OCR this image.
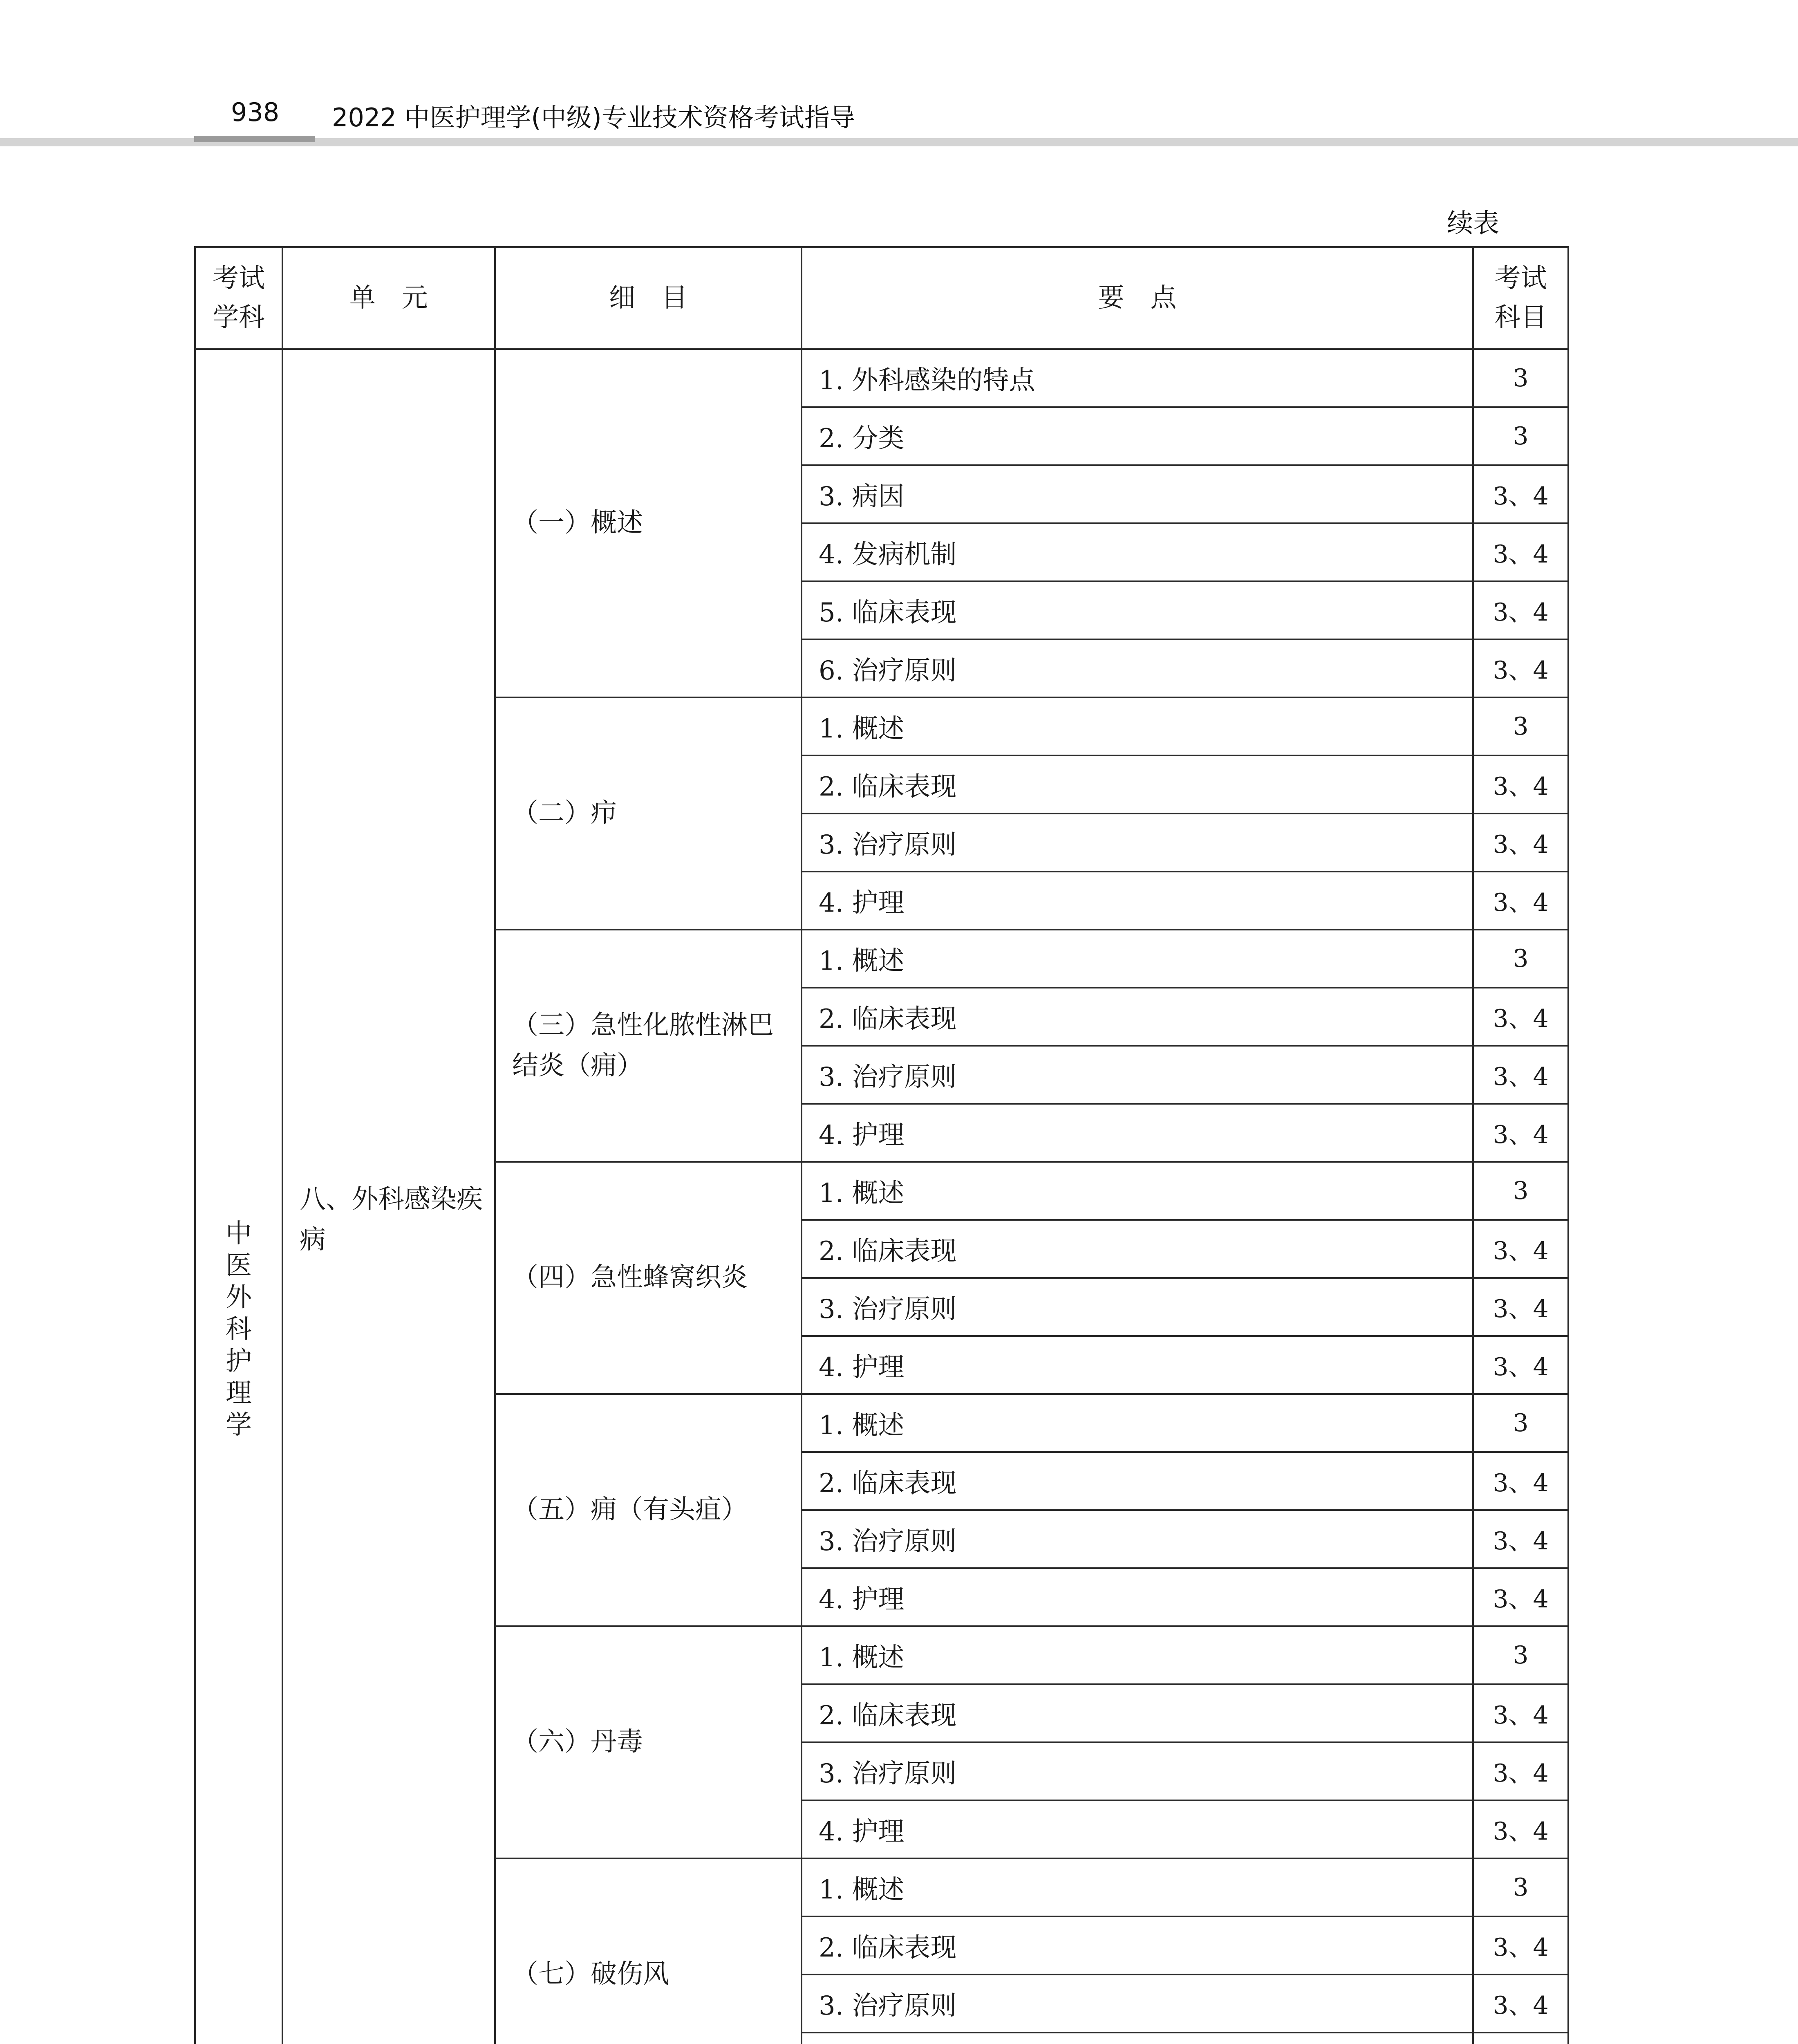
938 2022 中医护理学(中级)专业技术资格考试指导
续表
考试学科	单　元	细　目	要　点	考试科目
中医外科护理学	八、外科感染疾病	（一）概述	1. 外科感染的特点	3
			2. 分类	3
			3. 病因	3、4
			4. 发病机制	3、4
			5. 临床表现	3、4
			6. 治疗原则	3、4
		（二）疖	1. 概述	3
			2. 临床表现	3、4
			3. 治疗原则	3、4
			4. 护理	3、4
		（三）急性化脓性淋巴结炎（痈）	1. 概述	3
			2. 临床表现	3、4
			3. 治疗原则	3、4
			4. 护理	3、4
		（四）急性蜂窝织炎	1. 概述	3
			2. 临床表现	3、4
			3. 治疗原则	3、4
			4. 护理	3、4
		（五）痈（有头疽）	1. 概述	3
			2. 临床表现	3、4
			3. 治疗原则	3、4
			4. 护理	3、4
		（六）丹毒	1. 概述	3
			2. 临床表现	3、4
			3. 治疗原则	3、4
			4. 护理	3、4
		（七）破伤风	1. 概述	3
			2. 临床表现	3、4
			3. 治疗原则	3、4
